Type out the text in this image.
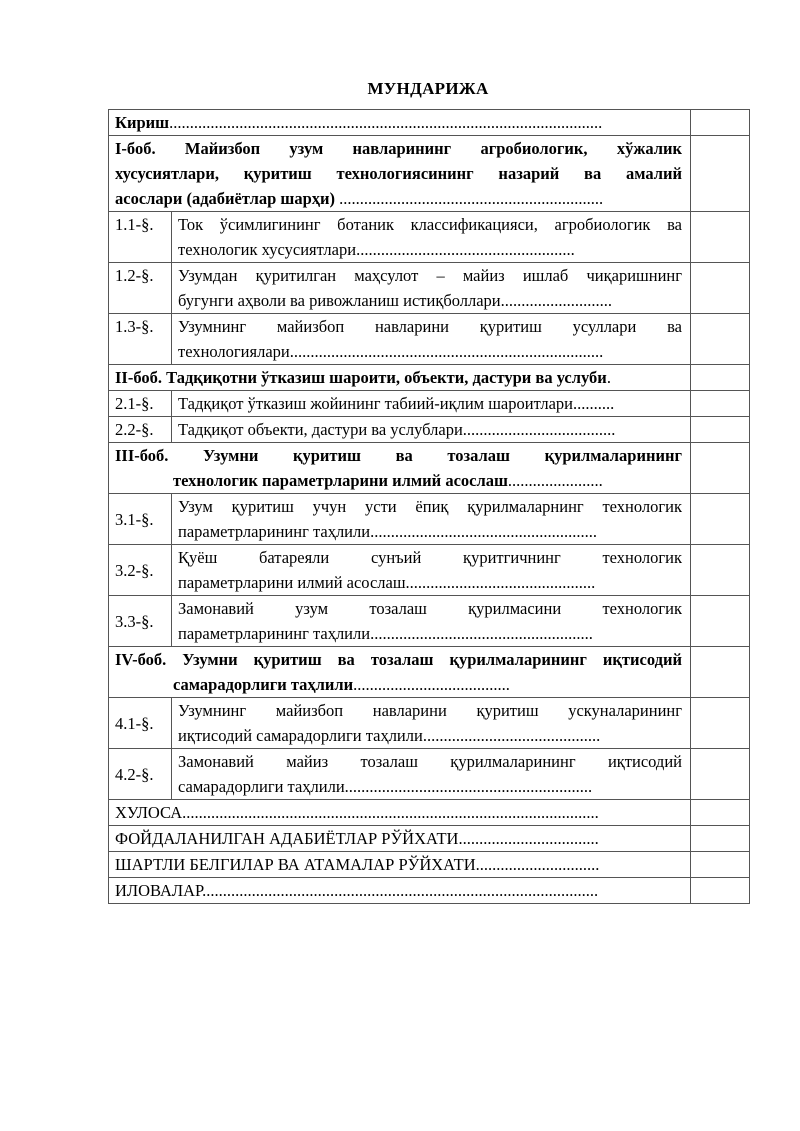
МУНДАРИЖА
Кириш.........................................................................................................		

I-боб. Майизбоп узум навларининг агробиологик, хўжалик
хусусиятлари, қуритиш технологиясининг назарий ва амалий
асослари (адабиётлар шарҳи) ................................................................		

1.1-§.	Ток ўсимлигининг ботаник классификацияси, агробиологик ва
технологик хусусиятлари.....................................................	

1.2-§.	Узумдан қуритилган маҳсулот – майиз ишлаб чиқаришнинг
бугунги аҳволи ва ривожланиш истиқболлари...........................	

1.3-§.	Узумнинг майизбоп навларини қуритиш усуллари ва
технологиялари............................................................................	

II-боб. Тадқиқотни ўтказиш шароити, объекти, дастури ва услуби.		
2.1-§.	Тадқиқот ўтказиш жойининг табиий-иқлим шароитлари..........	
2.2-§.	Тадқиқот объекти, дастури ва услублари.....................................	

III-боб. Узумни қуритиш ва тозалаш қурилмаларининг
технологик параметрларини илмий асослаш.......................		

3.1-§.	Узум қуритиш учун усти ёпиқ қурилмаларнинг технологик
параметрларининг таҳлили.......................................................	

3.2-§.	Қуёш батареяли сунъий қуритгичнинг технологик
параметрларини илмий асослаш..............................................	

3.3-§.	Замонавий узум тозалаш қурилмасини технологик
параметрларининг таҳлили......................................................	

IV-боб. Узумни қуритиш ва тозалаш қурилмаларининг иқтисодий
самарадорлиги таҳлили......................................		

4.1-§.	Узумнинг майизбоп навларини қуритиш ускуналарининг
иқтисодий самарадорлиги таҳлили...........................................	

4.2-§.	Замонавий майиз тозалаш қурилмаларининг иқтисодий
самарадорлиги таҳлили............................................................	

ХУЛОСА.....................................................................................................		
ФОЙДАЛАНИЛГАН АДАБИЁТЛАР РЎЙХАТИ..................................		
ШАРТЛИ БЕЛГИЛАР ВА АТАМАЛАР РЎЙХАТИ..............................		
ИЛОВАЛАР................................................................................................		
